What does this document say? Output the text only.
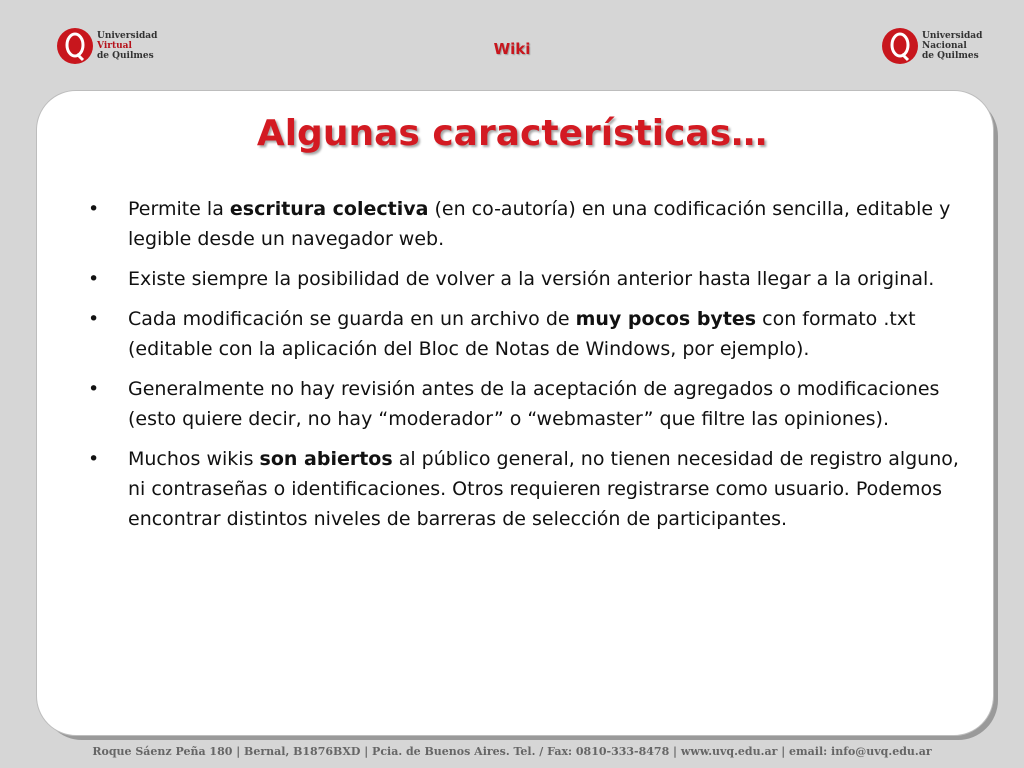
Universidad
Virtual
de Quilmes	Wiki
Universidad
Nacional
de Quilmes
Algunas características…
• Permite la escritura colectiva (en co-autoría) en una codificación sencilla, editable y legible desde un navegador web.
• Existe siempre la posibilidad de volver a la versión anterior hasta llegar a la original.
• Cada modificación se guarda en un archivo de muy pocos bytes con formato .txt (editable con la aplicación del Bloc de Notas de Windows, por ejemplo).
• Generalmente no hay revisión antes de la aceptación de agregados o modificaciones (esto quiere decir, no hay “moderador” o “webmaster” que filtre las opiniones).
• Muchos wikis son abiertos al público general, no tienen necesidad de registro alguno, ni contraseñas o identificaciones. Otros requieren registrarse como usuario. Podemos encontrar distintos niveles de barreras de selección de participantes.
Roque Sáenz Peña 180 | Bernal, B1876BXD | Pcia. de Buenos Aires. Tel. / Fax: 0810-333-8478 | www.uvq.edu.ar | email: info@uvq.edu.ar
